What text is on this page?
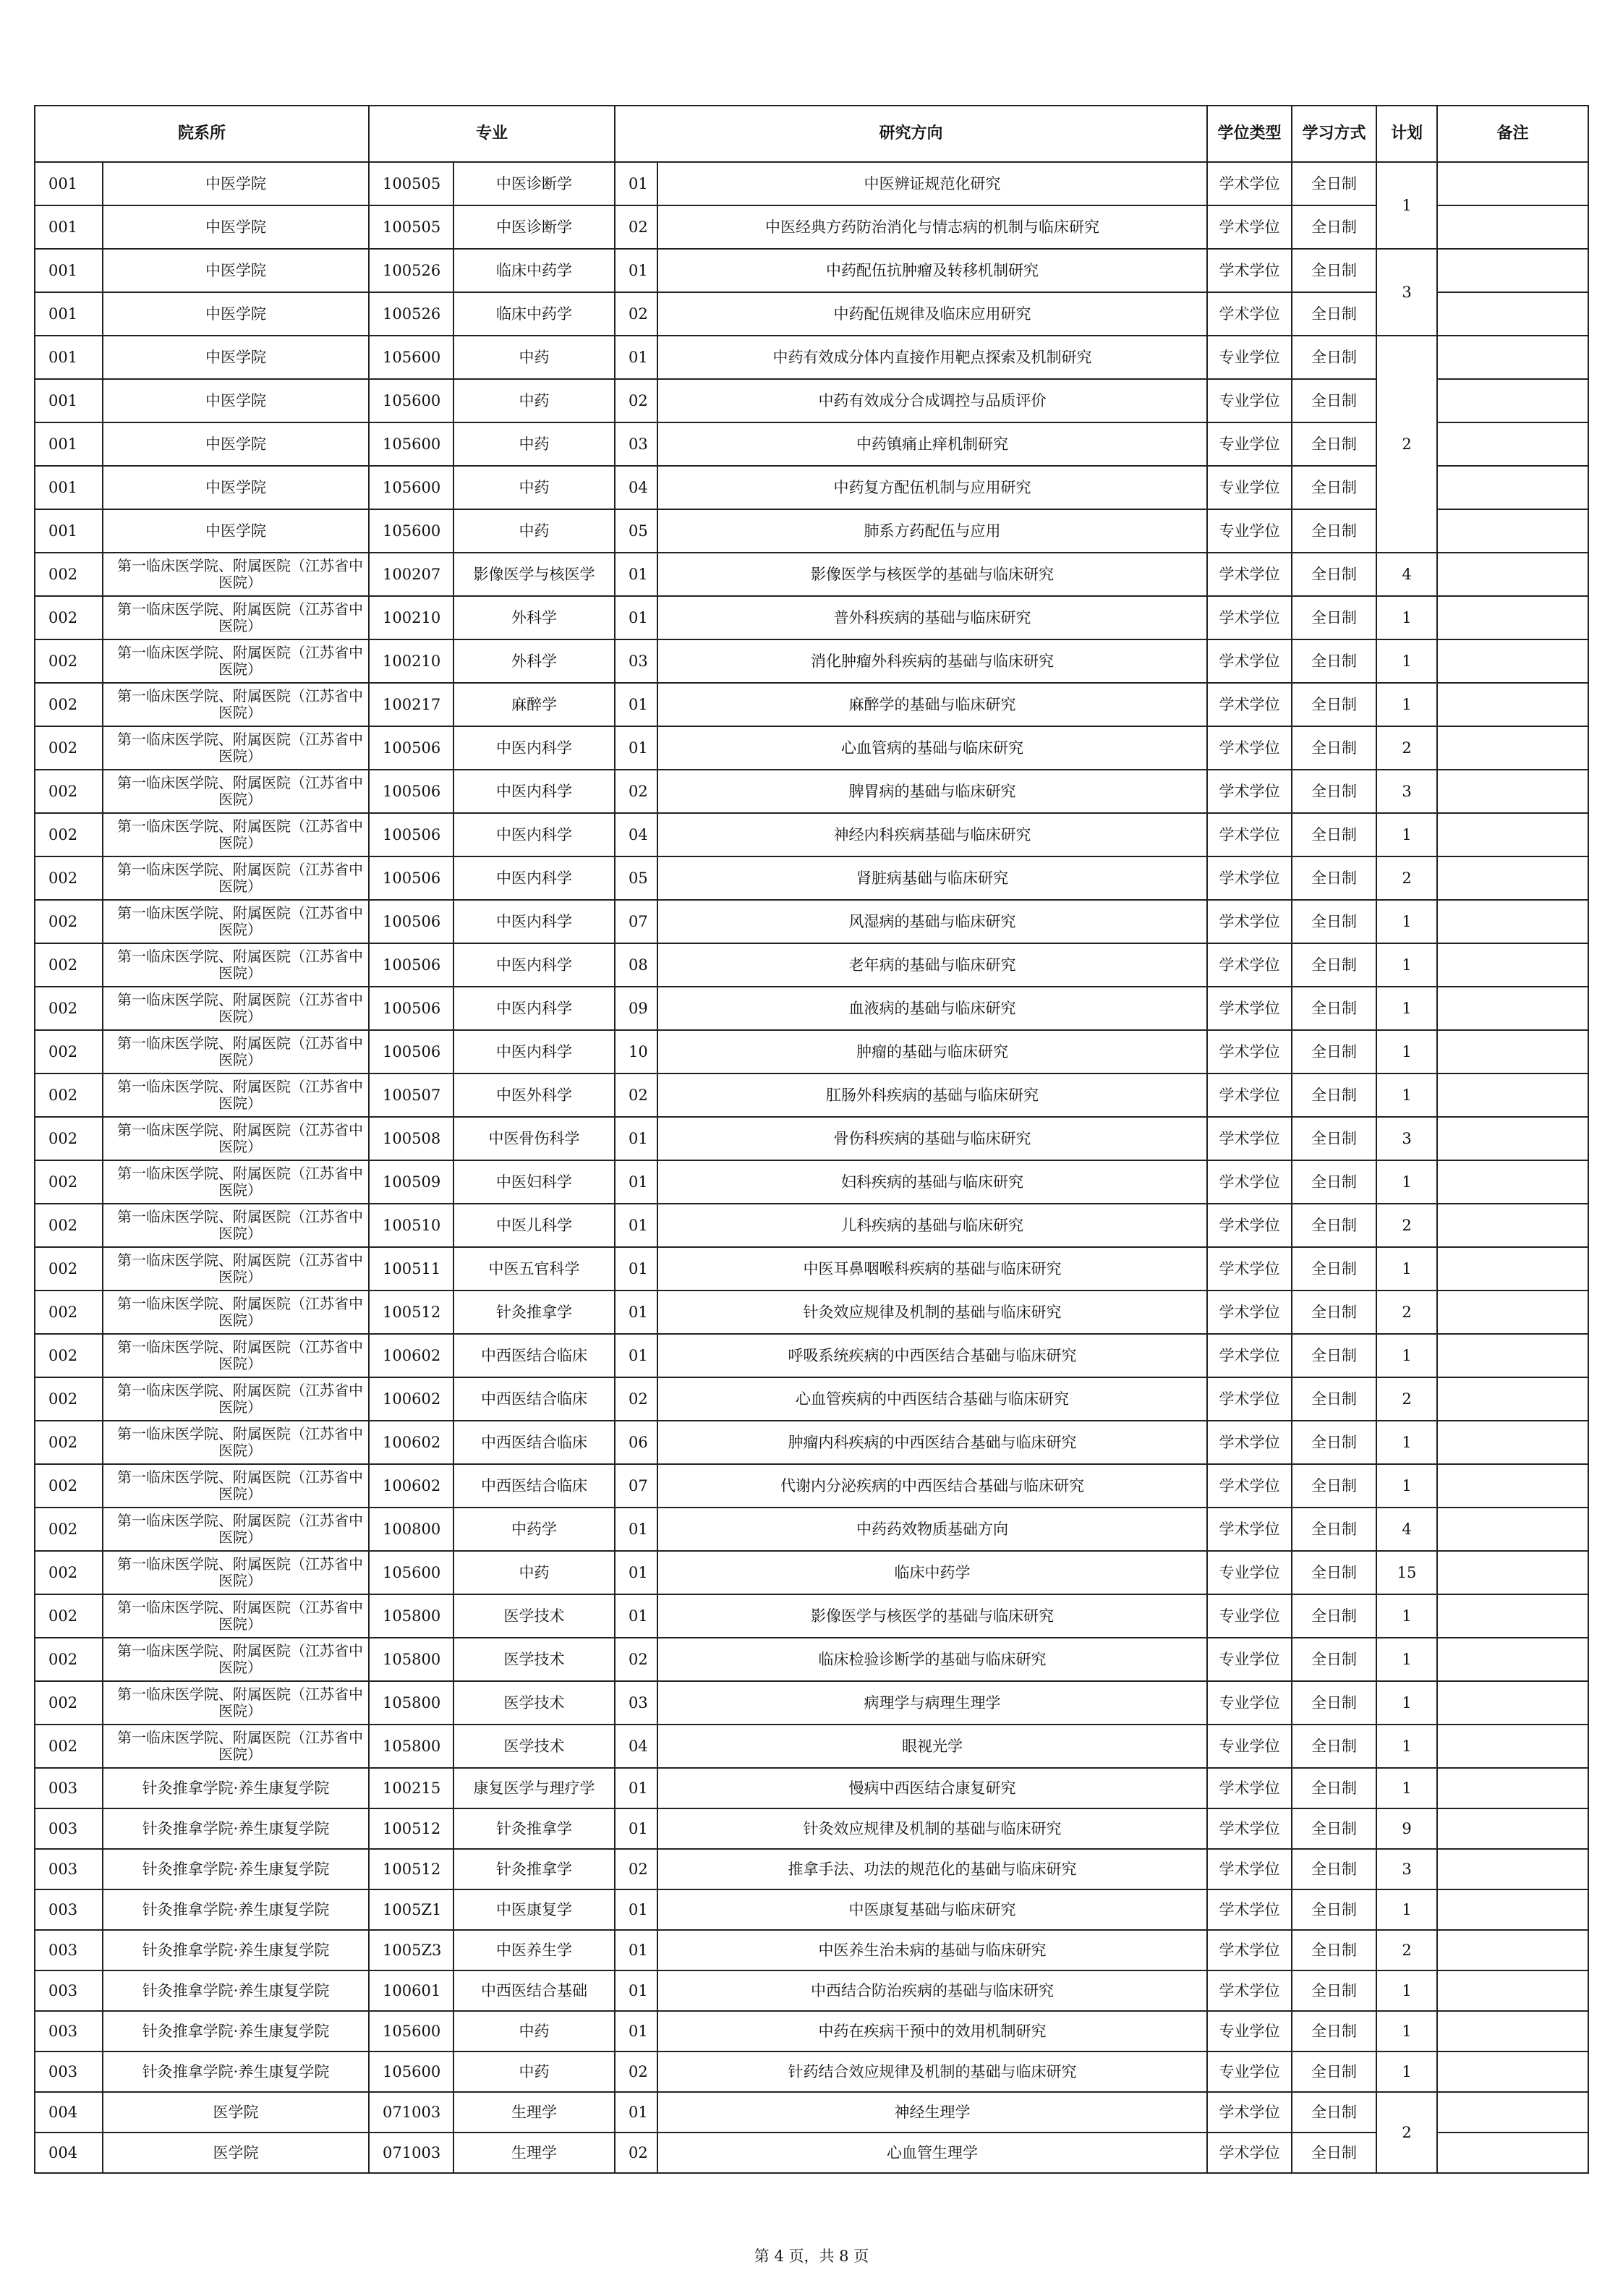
院系所		专业		研究方向		学位类型	学习方式	计划	备注
001	中医学院	100505	中医诊断学	01	中医辨证规范化研究	学术学位	全日制	1	
001	中医学院	100505	中医诊断学	02	中医经典方药防治消化与情志病的机制与临床研究	学术学位	全日制		
001	中医学院	100526	临床中药学	01	中药配伍抗肿瘤及转移机制研究	学术学位	全日制	3	
001	中医学院	100526	临床中药学	02	中药配伍规律及临床应用研究	学术学位	全日制		
001	中医学院	105600	中药	01	中药有效成分体内直接作用靶点探索及机制研究	专业学位	全日制	2	
001	中医学院	105600	中药	02	中药有效成分合成调控与品质评价	专业学位	全日制		
001	中医学院	105600	中药	03	中药镇痛止痒机制研究	专业学位	全日制		
001	中医学院	105600	中药	04	中药复方配伍机制与应用研究	专业学位	全日制		
001	中医学院	105600	中药	05	肺系方药配伍与应用	专业学位	全日制		
002	第一临床医学院、附属医院（江苏省中医院）	100207	影像医学与核医学	01	影像医学与核医学的基础与临床研究	学术学位	全日制	4	
002	第一临床医学院、附属医院（江苏省中医院）	100210	外科学	01	普外科疾病的基础与临床研究	学术学位	全日制	1	
002	第一临床医学院、附属医院（江苏省中医院）	100210	外科学	03	消化肿瘤外科疾病的基础与临床研究	学术学位	全日制	1	
002	第一临床医学院、附属医院（江苏省中医院）	100217	麻醉学	01	麻醉学的基础与临床研究	学术学位	全日制	1	
002	第一临床医学院、附属医院（江苏省中医院）	100506	中医内科学	01	心血管病的基础与临床研究	学术学位	全日制	2	
002	第一临床医学院、附属医院（江苏省中医院）	100506	中医内科学	02	脾胃病的基础与临床研究	学术学位	全日制	3	
002	第一临床医学院、附属医院（江苏省中医院）	100506	中医内科学	04	神经内科疾病基础与临床研究	学术学位	全日制	1	
002	第一临床医学院、附属医院（江苏省中医院）	100506	中医内科学	05	肾脏病基础与临床研究	学术学位	全日制	2	
002	第一临床医学院、附属医院（江苏省中医院）	100506	中医内科学	07	风湿病的基础与临床研究	学术学位	全日制	1	
002	第一临床医学院、附属医院（江苏省中医院）	100506	中医内科学	08	老年病的基础与临床研究	学术学位	全日制	1	
002	第一临床医学院、附属医院（江苏省中医院）	100506	中医内科学	09	血液病的基础与临床研究	学术学位	全日制	1	
002	第一临床医学院、附属医院（江苏省中医院）	100506	中医内科学	10	肿瘤的基础与临床研究	学术学位	全日制	1	
002	第一临床医学院、附属医院（江苏省中医院）	100507	中医外科学	02	肛肠外科疾病的基础与临床研究	学术学位	全日制	1	
002	第一临床医学院、附属医院（江苏省中医院）	100508	中医骨伤科学	01	骨伤科疾病的基础与临床研究	学术学位	全日制	3	
002	第一临床医学院、附属医院（江苏省中医院）	100509	中医妇科学	01	妇科疾病的基础与临床研究	学术学位	全日制	1	
002	第一临床医学院、附属医院（江苏省中医院）	100510	中医儿科学	01	儿科疾病的基础与临床研究	学术学位	全日制	2	
002	第一临床医学院、附属医院（江苏省中医院）	100511	中医五官科学	01	中医耳鼻咽喉科疾病的基础与临床研究	学术学位	全日制	1	
002	第一临床医学院、附属医院（江苏省中医院）	100512	针灸推拿学	01	针灸效应规律及机制的基础与临床研究	学术学位	全日制	2	
002	第一临床医学院、附属医院（江苏省中医院）	100602	中西医结合临床	01	呼吸系统疾病的中西医结合基础与临床研究	学术学位	全日制	1	
002	第一临床医学院、附属医院（江苏省中医院）	100602	中西医结合临床	02	心血管疾病的中西医结合基础与临床研究	学术学位	全日制	2	
002	第一临床医学院、附属医院（江苏省中医院）	100602	中西医结合临床	06	肿瘤内科疾病的中西医结合基础与临床研究	学术学位	全日制	1	
002	第一临床医学院、附属医院（江苏省中医院）	100602	中西医结合临床	07	代谢内分泌疾病的中西医结合基础与临床研究	学术学位	全日制	1	
002	第一临床医学院、附属医院（江苏省中医院）	100800	中药学	01	中药药效物质基础方向	学术学位	全日制	4	
002	第一临床医学院、附属医院（江苏省中医院）	105600	中药	01	临床中药学	专业学位	全日制	15	
002	第一临床医学院、附属医院（江苏省中医院）	105800	医学技术	01	影像医学与核医学的基础与临床研究	专业学位	全日制	1	
002	第一临床医学院、附属医院（江苏省中医院）	105800	医学技术	02	临床检验诊断学的基础与临床研究	专业学位	全日制	1	
002	第一临床医学院、附属医院（江苏省中医院）	105800	医学技术	03	病理学与病理生理学	专业学位	全日制	1	
002	第一临床医学院、附属医院（江苏省中医院）	105800	医学技术	04	眼视光学	专业学位	全日制	1	
003	针灸推拿学院·养生康复学院	100215	康复医学与理疗学	01	慢病中西医结合康复研究	学术学位	全日制	1	
003	针灸推拿学院·养生康复学院	100512	针灸推拿学	01	针灸效应规律及机制的基础与临床研究	学术学位	全日制	9	
003	针灸推拿学院·养生康复学院	100512	针灸推拿学	02	推拿手法、功法的规范化的基础与临床研究	学术学位	全日制	3	
003	针灸推拿学院·养生康复学院	1005Z1	中医康复学	01	中医康复基础与临床研究	学术学位	全日制	1	
003	针灸推拿学院·养生康复学院	1005Z3	中医养生学	01	中医养生治未病的基础与临床研究	学术学位	全日制	2	
003	针灸推拿学院·养生康复学院	100601	中西医结合基础	01	中西结合防治疾病的基础与临床研究	学术学位	全日制	1	
003	针灸推拿学院·养生康复学院	105600	中药	01	中药在疾病干预中的效用机制研究	专业学位	全日制	1	
003	针灸推拿学院·养生康复学院	105600	中药	02	针药结合效应规律及机制的基础与临床研究	专业学位	全日制	1	
004	医学院	071003	生理学	01	神经生理学	学术学位	全日制	2	
004	医学院	071003	生理学	02	心血管生理学	学术学位	全日制		
第 4 页，共 8 页
